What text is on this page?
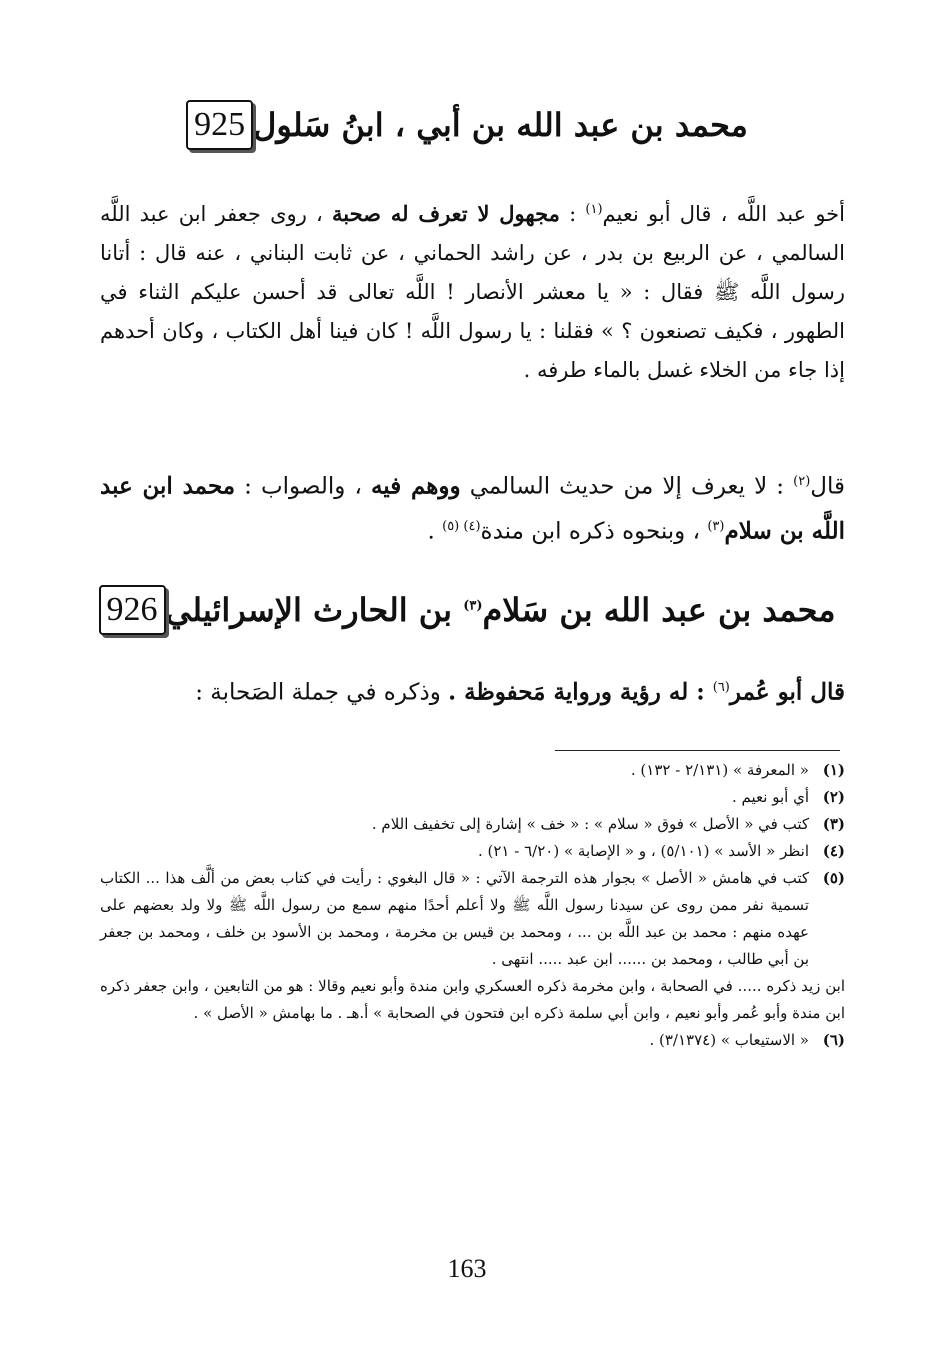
925 محمد بن عبد الله بن أبي ، ابنُ سَلول
أخو عبد اللَّه ، قال أبو نعيم$^{(١)}$ : مجهول لا تعرف له صحبة ، روى جعفر ابن عبد اللَّه السالمي ، عن الربيع بن بدر ، عن راشد الحماني ، عن ثابت البناني ، عنه قال : أتانا رسول اللَّه ﷺ فقال : « يا معشر الأنصار ! اللَّه تعالى قد أحسن عليكم الثناء في الطهور ، فكيف تصنعون ؟ » فقلنا : يا رسول اللَّه ! كان فينا أهل الكتاب ، وكان أحدهم إذا جاء من الخلاء غسل بالماء طرفه .
قال$^{(٢)}$ : لا يعرف إلا من حديث السالمي ووهم فيه ، والصواب : محمد ابن عبد اللَّه بن سلام$^{(٣)}$ ، وبنحوه ذكره ابن مندة$^{(٤) (٥)}$ .
926	محمد بن عبد الله بن سَلام$^{(٣)}$ بن الحارث الإسرائيلي
قال أبو عُمر$^{(٦)}$ : له رؤية ورواية مَحفوظة . وذكره في جملة الصَحابة :
(١)
« المعرفة » (٢/١٣١ - ١٣٢) .
(٢)
أي أبو نعيم .
(٣)
كتب في « الأصل » فوق « سلام » : « خف » إشارة إلى تخفيف اللام .
(٤)
انظر « الأسد » (٥/١٠١) ، و « الإصابة » (٦/٢٠ - ٢١) .
(٥)
كتب في هامش « الأصل » بجوار هذه الترجمة الآتي : « قال البغوي : رأيت في كتاب بعض من ألَّف هذا ... الكتاب تسمية نفر ممن روى عن سيدنا رسول اللَّه ﷺ ولا أعلم أحدًا منهم سمع من رسول اللَّه ﷺ ولا ولد بعضهم على عهده منهم : محمد بن عبد اللَّه بن ... ، ومحمد بن قيس بن مخرمة ، ومحمد بن الأسود بن خلف ، ومحمد بن جعفر بن أبي طالب ، ومحمد بن ...... ابن عبد ..... انتهى .
ابن زيد ذكره ..... في الصحابة ، وابن مخرمة ذكره العسكري وابن مندة وأبو نعيم وقالا : هو من التابعين ، وابن جعفر ذكره ابن مندة وأبو عُمر وأبو نعيم ، وابن أبي سلمة ذكره ابن فتحون في الصحابة » أ.هـ . ما بهامش « الأصل » .
(٦)
« الاستيعاب » (٣/١٣٧٤) .
163
